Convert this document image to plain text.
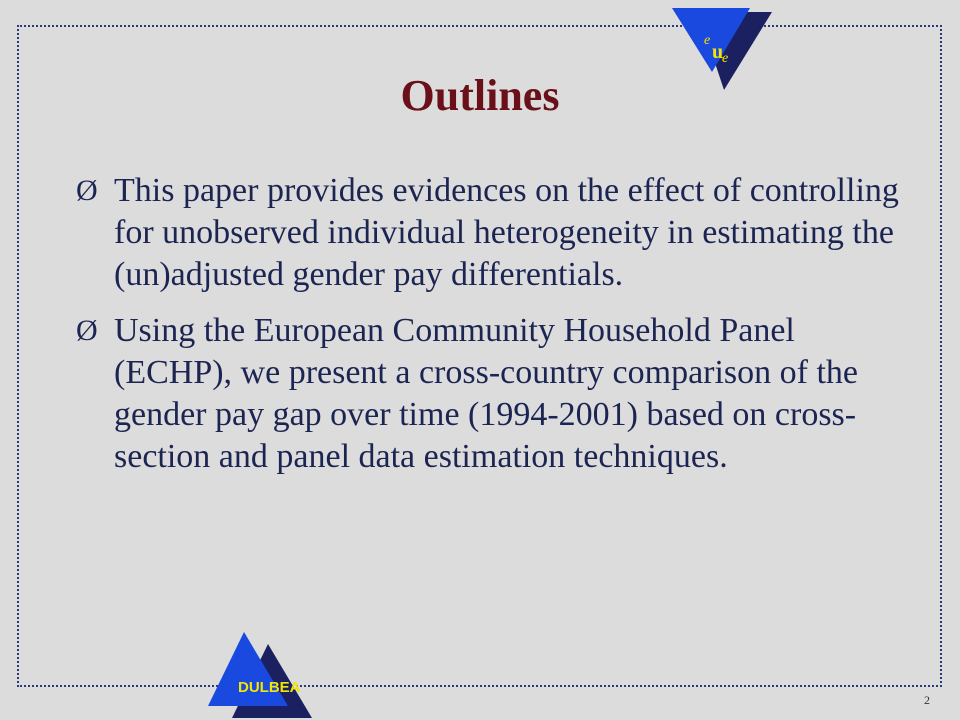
e
u
e
Outlines
Ø This paper provides evidences on the effect of controlling for unobserved individual heterogeneity in estimating the (un)adjusted gender pay differentials.
Ø Using the European Community Household Panel (ECHP), we present a cross-country comparison of the gender pay gap over time (1994-2001) based on cross-section and panel data estimation techniques.
DULBEA
2
